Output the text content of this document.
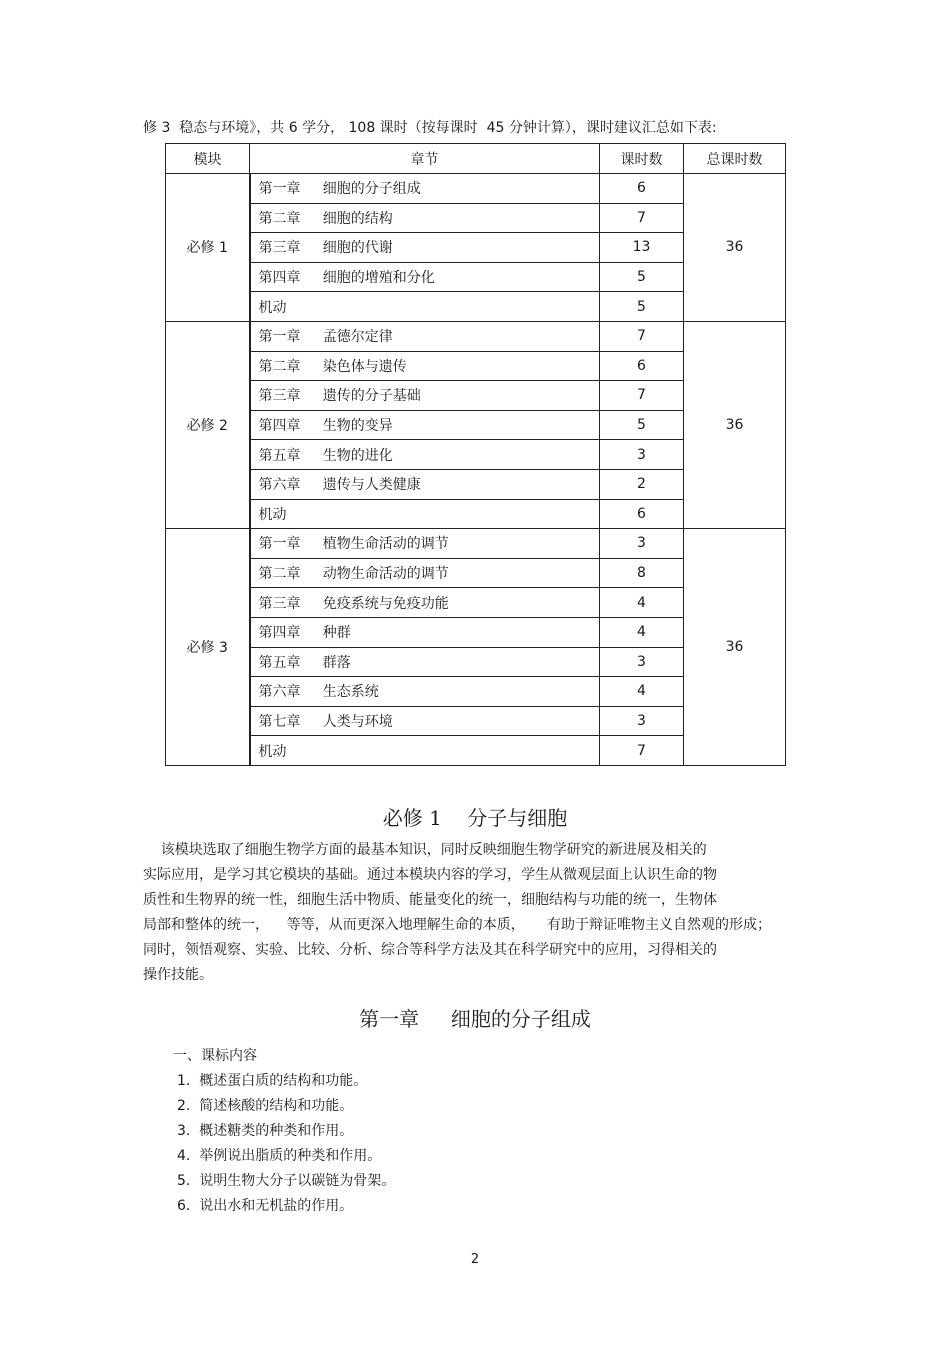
修 3  稳态与环境》，共 6 学分， 108 课时（按每课时  45 分钟计算），课时建议汇总如下表:
模块	章节	课时数	总课时数
必修 1	第一章     细胞的分子组成	6	36
	第二章     细胞的结构	7	
	第三章     细胞的代谢	13	
	第四章     细胞的增殖和分化	5	
	机动	5	
必修 2	第一章     孟德尔定律	7	36
	第二章     染色体与遗传	6	
	第三章     遗传的分子基础	7	
	第四章     生物的变异	5	
	第五章     生物的进化	3	
	第六章     遗传与人类健康	2	
	机动	6	
必修 3	第一章     植物生命活动的调节	3	36
	第二章     动物生命活动的调节	8	
	第三章     免疫系统与免疫功能	4	
	第四章     种群	4	
	第五章     群落	3	
	第六章     生态系统	4	
	第七章     人类与环境	3	
	机动	7	
必修 1    分子与细胞

该模块选取了细胞生物学方面的最基本知识，同时反映细胞生物学研究的新进展及相关的

实际应用，是学习其它模块的基础。通过本模块内容的学习，学生从微观层面上认识生命的物

质性和生物界的统一性，细胞生活中物质、能量变化的统一，细胞结构与功能的统一，生物体

局部和整体的统一，    等等，从而更深入地理解生命的本质，     有助于辩证唯物主义自然观的形成；

同时，领悟观察、实验、比较、分析、综合等科学方法及其在科学研究中的应用，习得相关的

操作技能。

第一章     细胞的分子组成
一、课标内容
1.  概述蛋白质的结构和功能。
2.  简述核酸的结构和功能。
3.  概述糖类的种类和作用。
4.  举例说出脂质的种类和作用。
5.  说明生物大分子以碳链为骨架。
6.  说出水和无机盐的作用。
2
